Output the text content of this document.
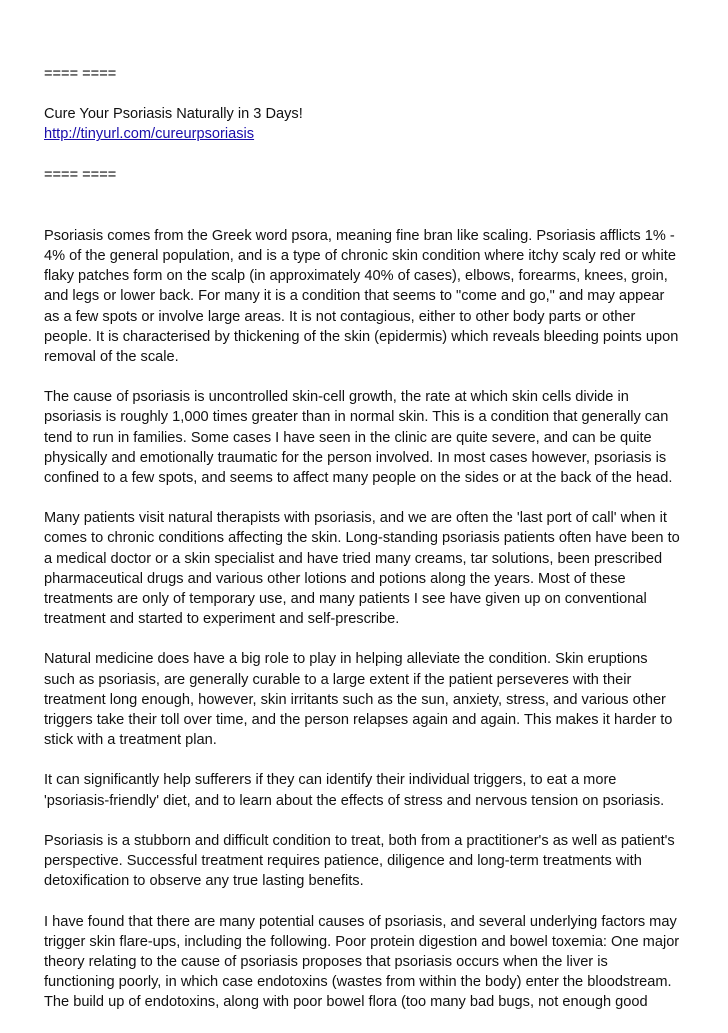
==== ====
Cure Your Psoriasis Naturally in 3 Days!
http://tinyurl.com/cureurpsoriasis
==== ====
Psoriasis comes from the Greek word psora, meaning fine bran like scaling. Psoriasis afflicts 1% -
4% of the general population, and is a type of chronic skin condition where itchy scaly red or white
flaky patches form on the scalp (in approximately 40% of cases), elbows, forearms, knees, groin,
and legs or lower back. For many it is a condition that seems to "come and go," and may appear
as a few spots or involve large areas. It is not contagious, either to other body parts or other
people. It is characterised by thickening of the skin (epidermis) which reveals bleeding points upon
removal of the scale.
The cause of psoriasis is uncontrolled skin-cell growth, the rate at which skin cells divide in
psoriasis is roughly 1,000 times greater than in normal skin. This is a condition that generally can
tend to run in families. Some cases I have seen in the clinic are quite severe, and can be quite
physically and emotionally traumatic for the person involved. In most cases however, psoriasis is
confined to a few spots, and seems to affect many people on the sides or at the back of the head.
Many patients visit natural therapists with psoriasis, and we are often the 'last port of call' when it
comes to chronic conditions affecting the skin. Long-standing psoriasis patients often have been to
a medical doctor or a skin specialist and have tried many creams, tar solutions, been prescribed
pharmaceutical drugs and various other lotions and potions along the years. Most of these
treatments are only of temporary use, and many patients I see have given up on conventional
treatment and started to experiment and self-prescribe.
Natural medicine does have a big role to play in helping alleviate the condition. Skin eruptions
such as psoriasis, are generally curable to a large extent if the patient perseveres with their
treatment long enough, however, skin irritants such as the sun, anxiety, stress, and various other
triggers take their toll over time, and the person relapses again and again. This makes it harder to
stick with a treatment plan.
It can significantly help sufferers if they can identify their individual triggers, to eat a more
'psoriasis-friendly' diet, and to learn about the effects of stress and nervous tension on psoriasis.
Psoriasis is a stubborn and difficult condition to treat, both from a practitioner's as well as patient's
perspective. Successful treatment requires patience, diligence and long-term treatments with
detoxification to observe any true lasting benefits.
I have found that there are many potential causes of psoriasis, and several underlying factors may
trigger skin flare-ups, including the following. Poor protein digestion and bowel toxemia: One major
theory relating to the cause of psoriasis proposes that psoriasis occurs when the liver is
functioning poorly, in which case endotoxins (wastes from within the body) enter the bloodstream.
The build up of endotoxins, along with poor bowel flora (too many bad bugs, not enough good
